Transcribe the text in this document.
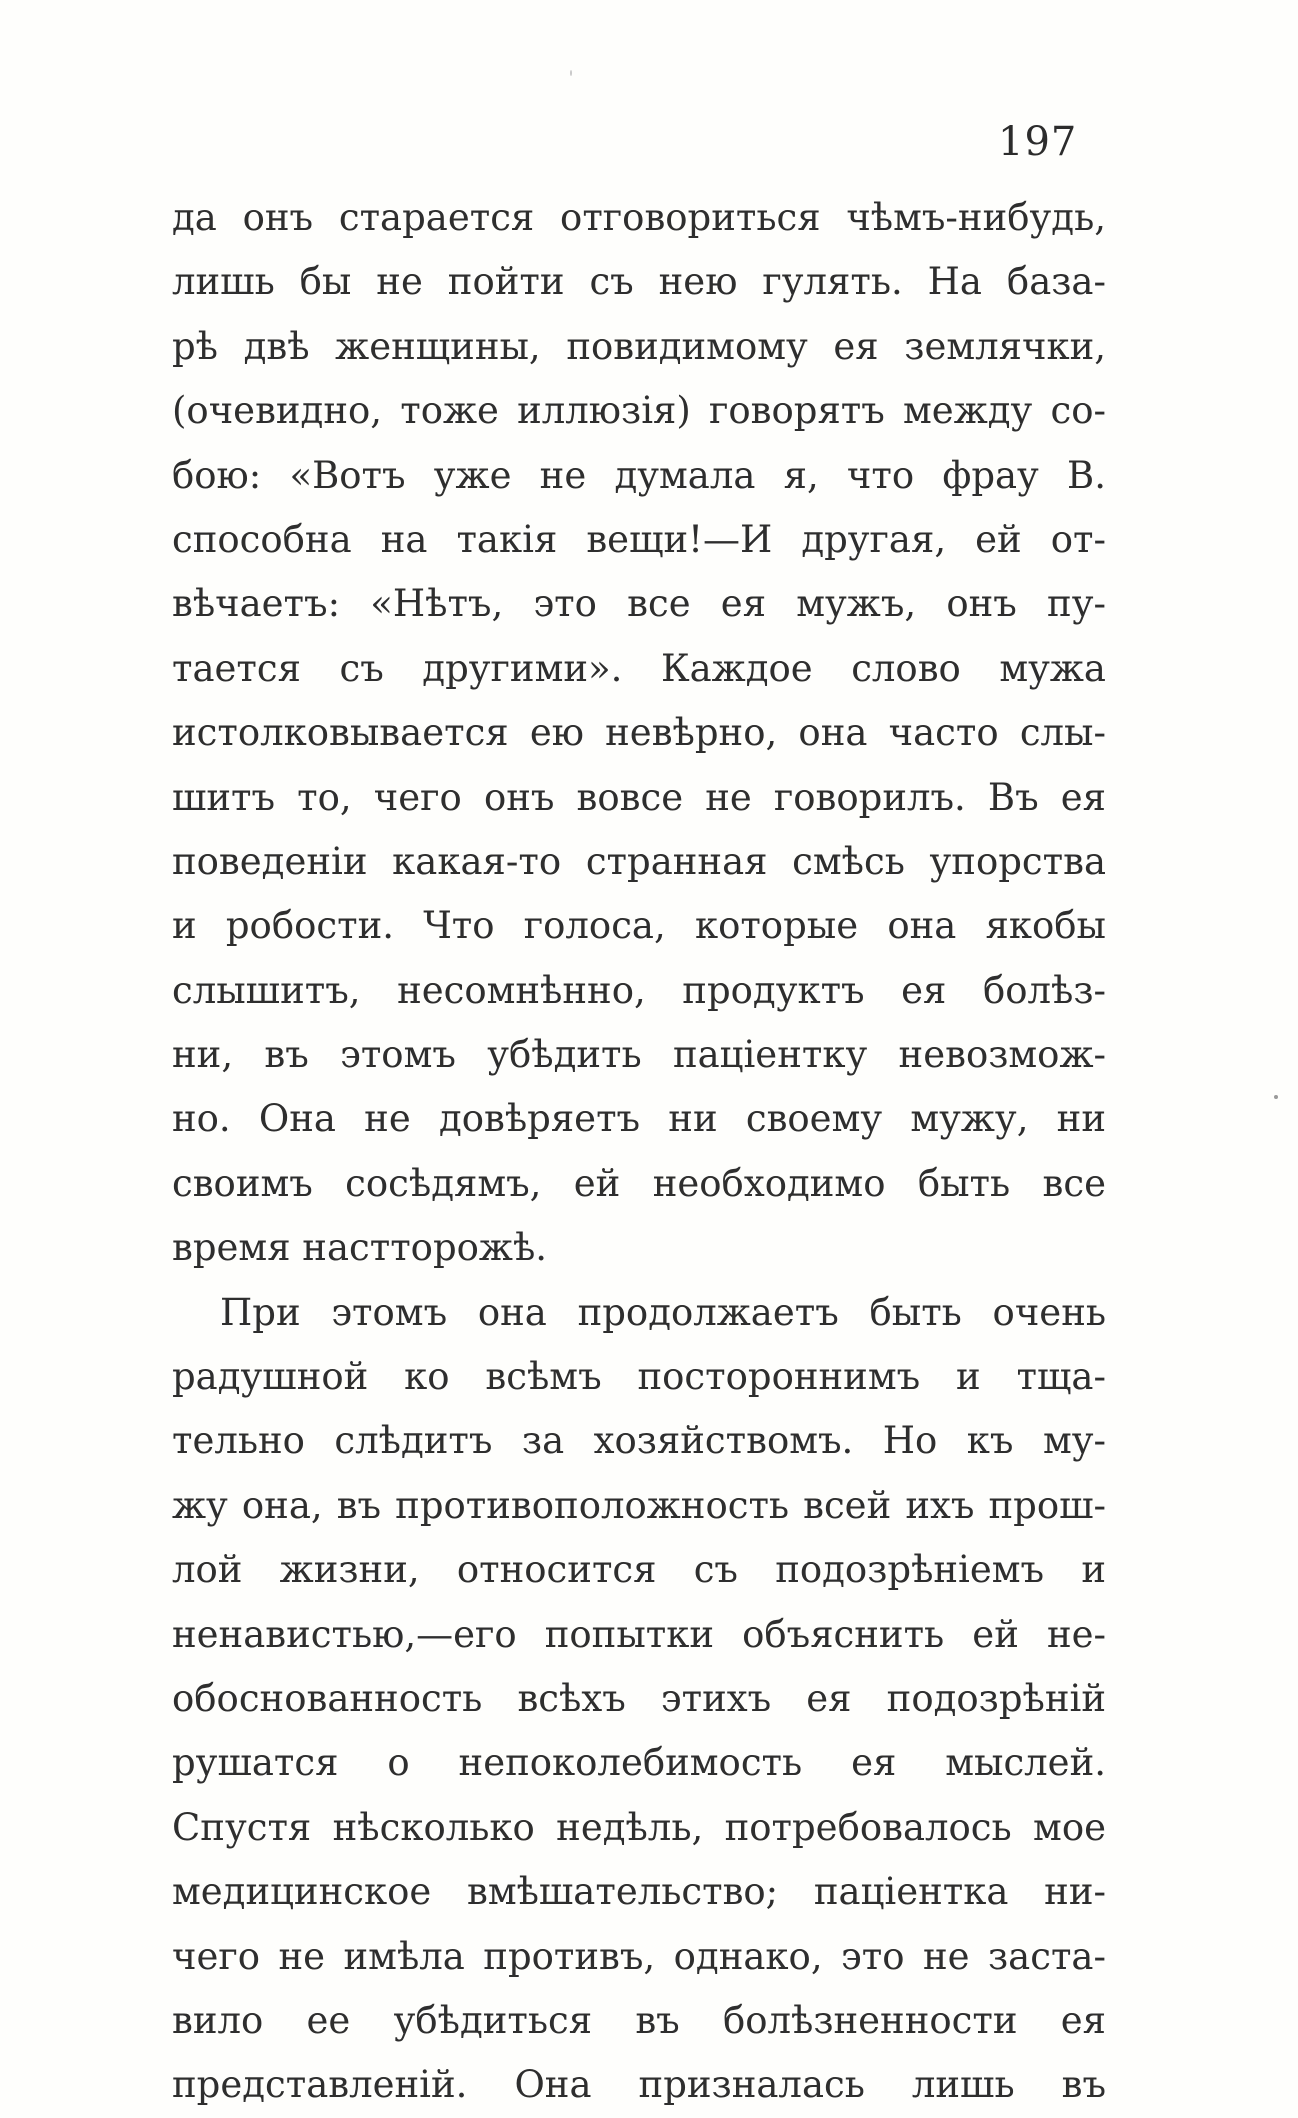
197
да онъ старается отговориться чѣмъ-нибудь,
лишь бы не пойти съ нею гулять. На база-
рѣ двѣ женщины, повидимому ея землячки,
(очевидно, тоже иллюзія) говорятъ между со-
бою: «Вотъ уже не думала я, что фрау В.
способна на такія вещи!—И другая, ей от-
вѣчаетъ: «Нѣтъ, это все ея мужъ, онъ пу-
тается съ другими». Каждое слово мужа
истолковывается ею невѣрно, она часто слы-
шитъ то, чего онъ вовсе не говорилъ. Въ ея
поведеніи какая-то странная смѣсь упорства
и робости. Что голоса, которые она якобы
слышитъ, несомнѣнно, продуктъ ея болѣз-
ни, въ этомъ убѣдить паціентку невозмож-
но. Она не довѣряетъ ни своему мужу, ни
своимъ сосѣдямъ, ей необходимо быть все
время настторожѣ.
При этомъ она продолжаетъ быть очень
радушной ко всѣмъ постороннимъ и тща-
тельно слѣдитъ за хозяйствомъ. Но къ му-
жу она, въ противоположность всей ихъ прош-
лой жизни, относится съ подозрѣніемъ и
ненавистью,—его попытки объяснить ей не-
обоснованность всѣхъ этихъ ея подозрѣній
рушатся о непоколебимость ея мыслей.
Спустя нѣсколько недѣль, потребовалось мое
медицинское вмѣшательство; паціентка ни-
чего не имѣла противъ, однако, это не заста-
вило ее убѣдиться въ болѣзненности ея
представленій. Она призналась лишь въ
